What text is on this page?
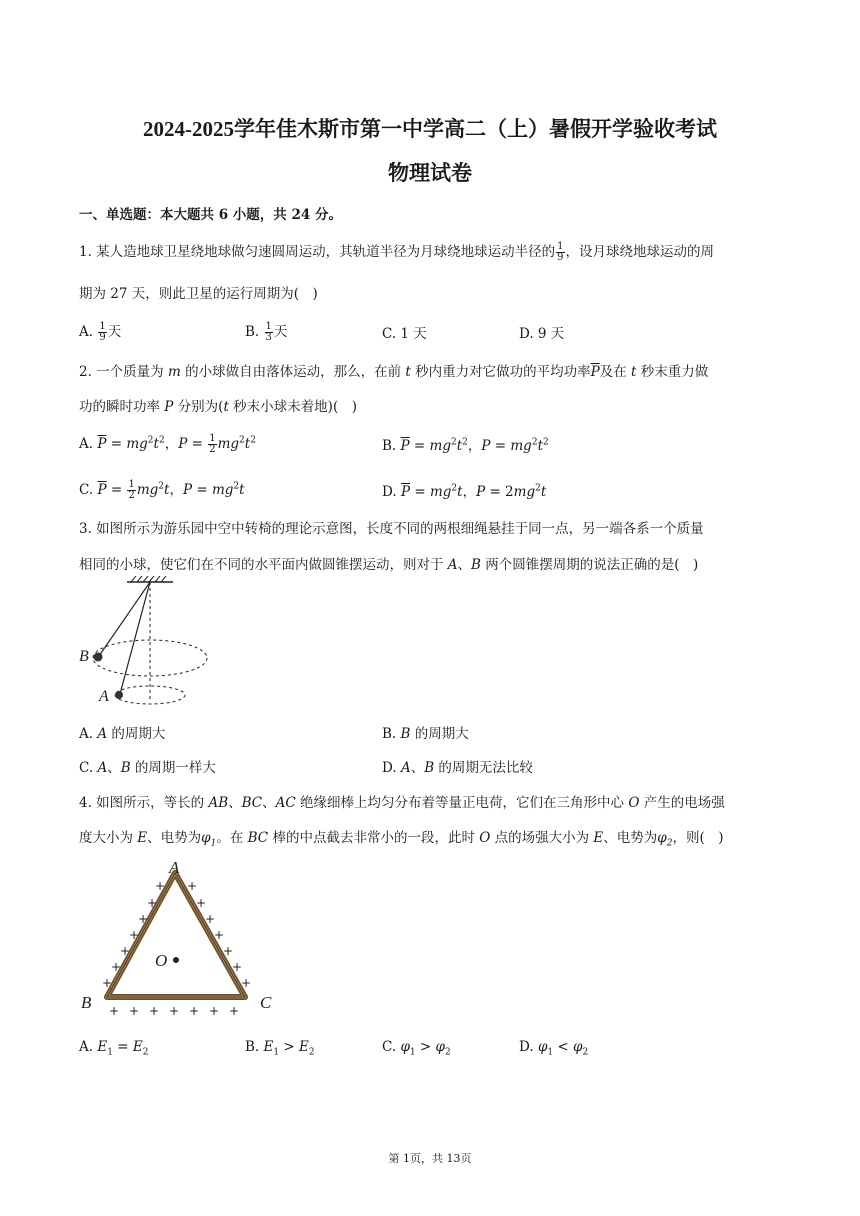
2024-2025学年佳木斯市第一中学高二（上）暑假开学验收考试
物理试卷
一、单选题：本大题共 6 小题，共 24 分。
1. 某人造地球卫星绕地球做匀速圆周运动，其轨道半径为月球绕地球运动半径的 $\frac{1}{9}$ ，设月球绕地球运动的周
期为 27 天，则此卫星的运行周期为(　)
A. $\frac{1}{9}$ 天	B. $\frac{1}{3}$ 天	C. 1 天	D. 9 天
2. 一个质量为 m 的小球做自由落体运动，那么，在前 t 秒内重力对它做功的平均功率$\overline{P}$及在 t 秒末重力做
功的瞬时功率 P 分别为(t 秒末小球未着地)(　)
A. $\overline{P} = mg^2t^2$，$P = \frac{1}{2} mg^2t^2$	B. $\overline{P} = mg^2t^2$，$P = mg^2t^2$
C. $\overline{P} = \frac{1}{2} mg^2t$，$P = mg^2t$	D. $\overline{P} = mg^2t$，$P = 2mg^2t$
3. 如图所示为游乐园中空中转椅的理论示意图，长度不同的两根细绳悬挂于同一点，另一端各系一个质量
相同的小球，使它们在不同的水平面内做圆锥摆运动，则对于 A、B 两个圆锥摆周期的说法正确的是(　)
B
A
A. A 的周期大	B. B 的周期大
C. A、B 的周期一样大	D. A、B 的周期无法比较
4. 如图所示，等长的 AB、BC、AC 绝缘细棒上均匀分布着等量正电荷，它们在三角形中心 O 产生的电场强
度大小为 E、电势为$\varphi_1$。在 BC 棒的中点截去非常小的一段，此时 O 点的场强大小为 E、电势为$\varphi_2$，则(　)
+
+
+
+
+
+
+
+
+
+
+
+
+
+
+ + + + + + +
A
B	C
O
A. $E_1 = E_2$	B. $E_1 > E_2$	C. $\varphi_1 > \varphi_2$	D. $\varphi_1 < \varphi_2$
第 1页，共 13页
